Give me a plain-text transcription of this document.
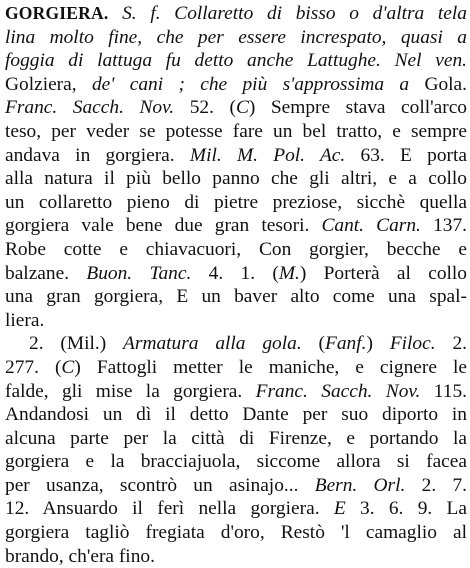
GORGIERA. S. f. Collaretto di bisso o d'altra tela
lina molto fine, che per essere increspato, quasi a
foggia di lattuga fu detto anche Lattughe. Nel ven.
Golziera, de' cani ; che più s'approssima a Gola.
Franc. Sacch. Nov. 52. (C) Sempre stava coll'arco
teso, per veder se potesse fare un bel tratto, e sempre
andava in gorgiera. Mil. M. Pol. Ac. 63. E porta
alla natura il più bello panno che gli altri, e a collo
un collaretto pieno di pietre preziose, sicchè quella
gorgiera vale bene due gran tesori. Cant. Carn. 137.
Robe cotte e chiavacuori, Con gorgier, becche e
balzane. Buon. Tanc. 4. 1. (M.) Porterà al collo
una gran gorgiera, E un baver alto come una spal-
liera.
2. (Mil.) Armatura alla gola. (Fanf.) Filoc. 2.
277. (C) Fattogli metter le maniche, e cignere le
falde, gli mise la gorgiera. Franc. Sacch. Nov. 115.
Andandosi un dì il detto Dante per suo diporto in
alcuna parte per la città di Firenze, e portando la
gorgiera e la bracciajuola, siccome allora si facea
per usanza, scontrò un asinajo... Bern. Orl. 2. 7.
12. Ansuardo il ferì nella gorgiera. E 3. 6. 9. La
gorgiera tagliò fregiata d'oro, Restò 'l camaglio al
brando, ch'era fino.
